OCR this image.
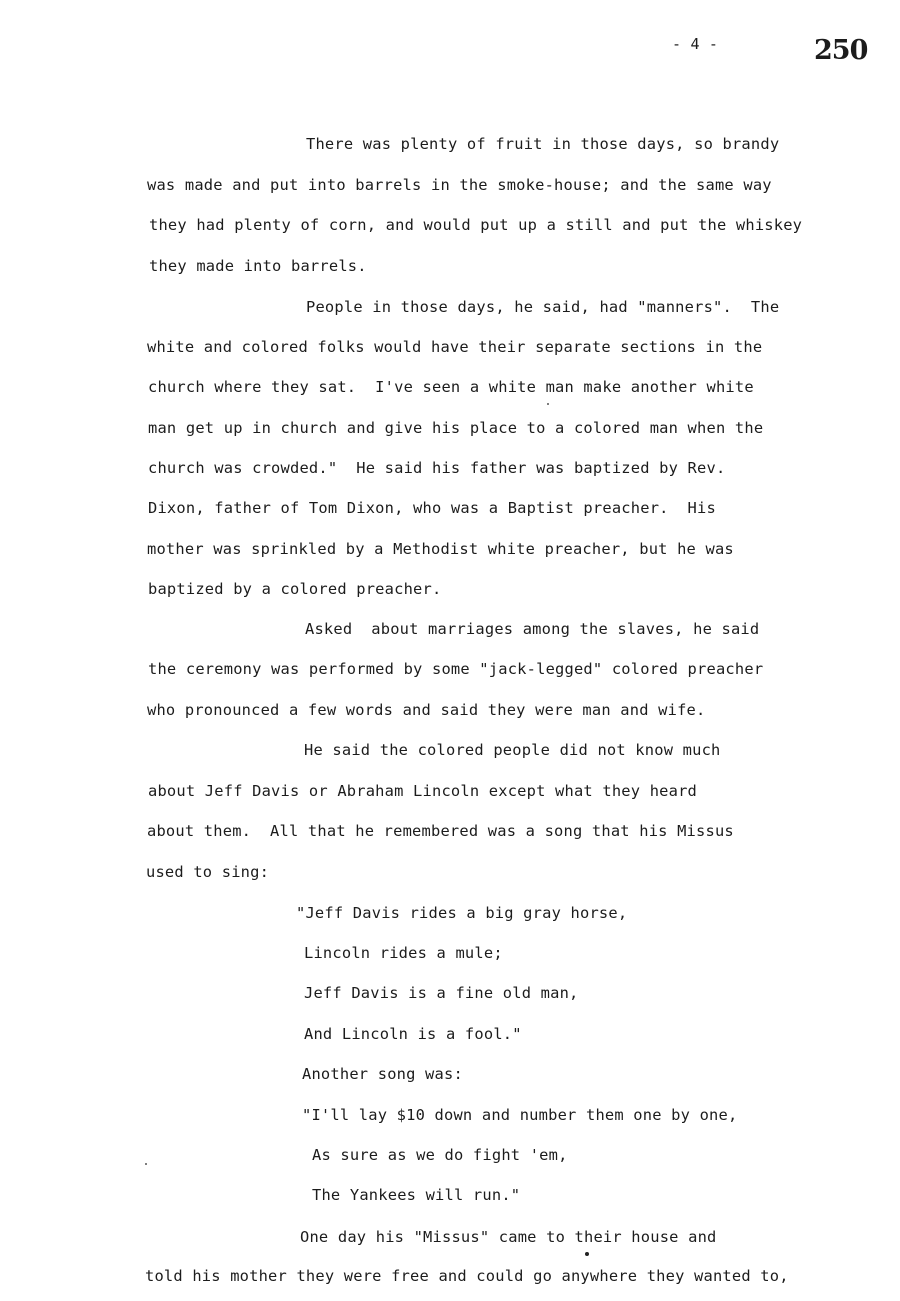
- 4 -	250
There was plenty of fruit in those days, so brandy
was made and put into barrels in the smoke-house; and the same way
they had plenty of corn, and would put up a still and put the whiskey
they made into barrels.
People in those days, he said, had "manners".  The
white and colored folks would have their separate sections in the
church where they sat.  I've seen a white man make another white
man get up in church and give his place to a colored man when the
church was crowded."  He said his father was baptized by Rev.
Dixon, father of Tom Dixon, who was a Baptist preacher.  His
mother was sprinkled by a Methodist white preacher, but he was
baptized by a colored preacher.
Asked  about marriages among the slaves, he said
the ceremony was performed by some "jack-legged" colored preacher
who pronounced a few words and said they were man and wife.
He said the colored people did not know much
about Jeff Davis or Abraham Lincoln except what they heard
about them.  All that he remembered was a song that his Missus
used to sing:
"Jeff Davis rides a big gray horse,
Lincoln rides a mule;
Jeff Davis is a fine old man,
And Lincoln is a fool."
Another song was:
"I'll lay $10 down and number them one by one,
As sure as we do fight 'em,
The Yankees will run."
One day his "Missus" came to their house and
told his mother they were free and could go anywhere they wanted to,
